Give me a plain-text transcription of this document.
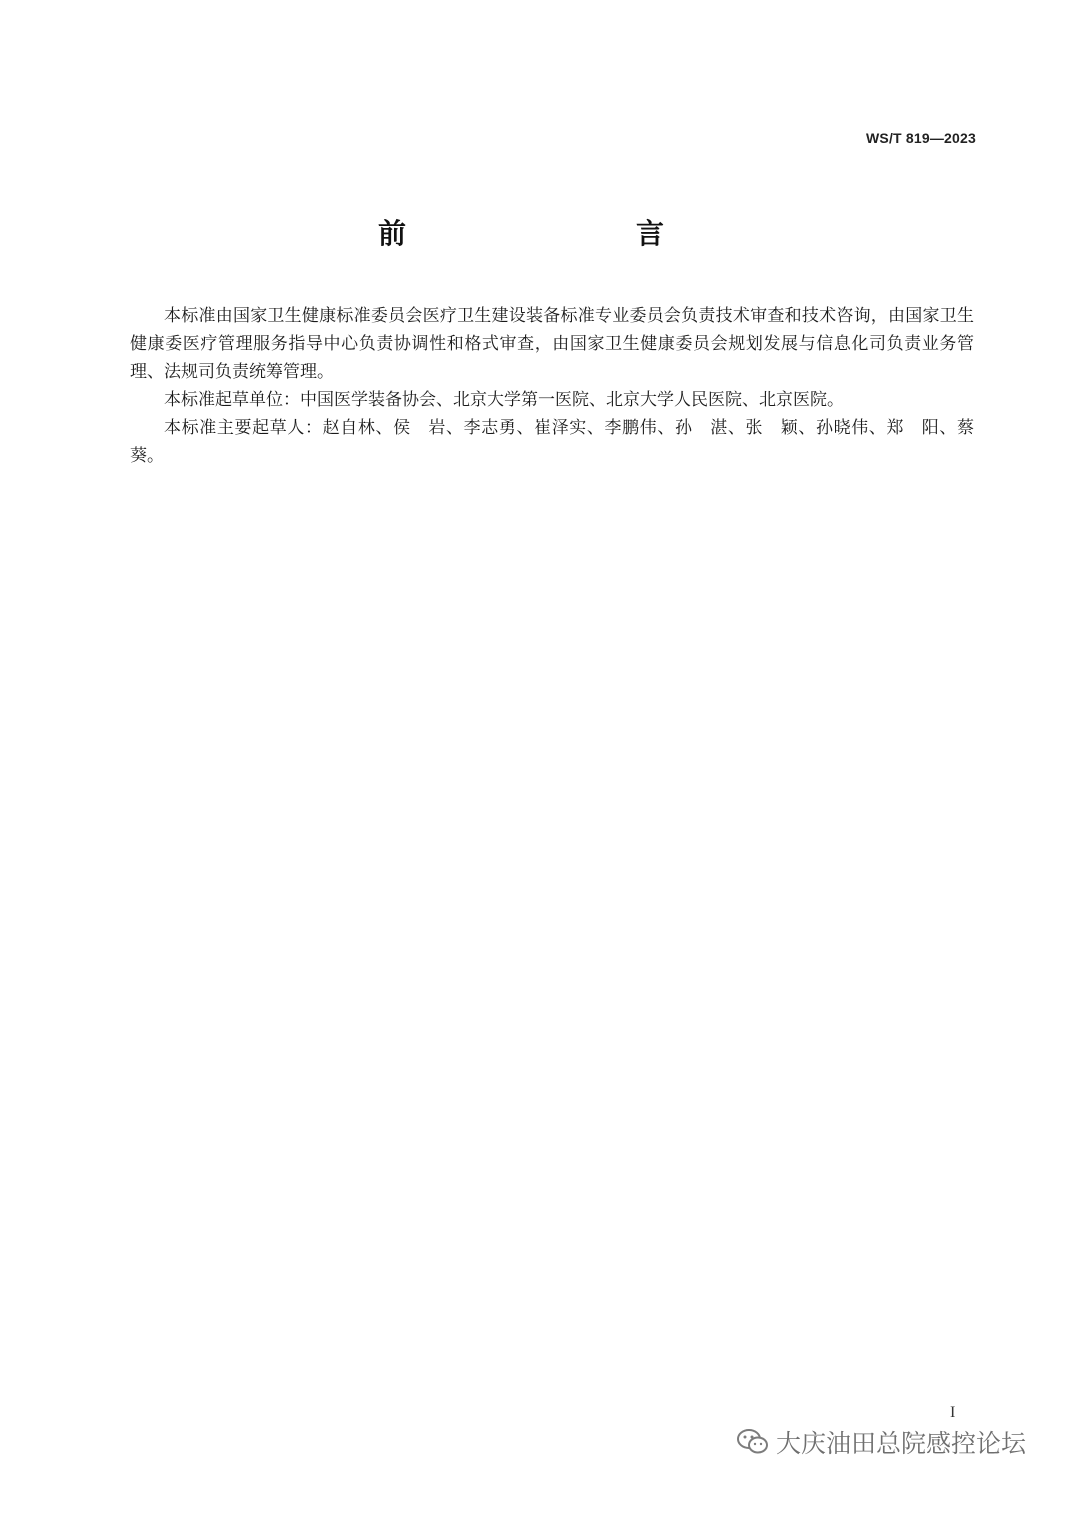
WS/T 819—2023
前　　言

本标准由国家卫生健康标准委员会医疗卫生建设装备标准专业委员会负责技术审查和技术咨询，由国家卫生健康委医疗管理服务指导中心负责协调性和格式审查，由国家卫生健康委员会规划发展与信息化司负责业务管理、法规司负责统筹管理。

本标准起草单位：中国医学装备协会、北京大学第一医院、北京大学人民医院、北京医院。

本标准主要起草人：赵自林、侯　岩、李志勇、崔泽实、李鹏伟、孙　湛、张　颖、孙晓伟、郑　阳、蔡　葵。

I
大庆油田总院感控论坛
